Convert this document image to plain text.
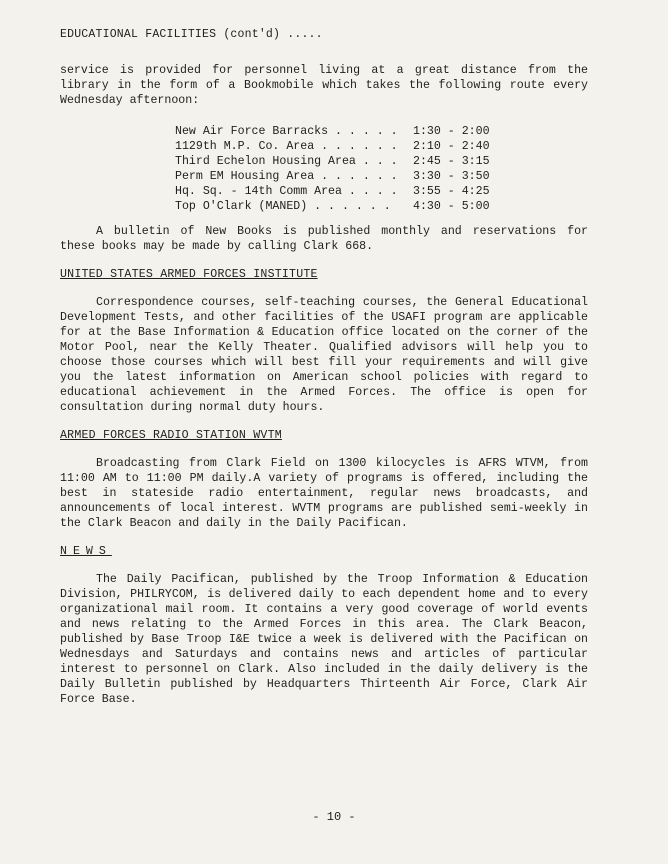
EDUCATIONAL FACILITIES (cont'd) .....

service is provided for personnel living at a great distance from the library in the form of a Bookmobile which takes the following route every Wednesday afternoon:

New Air Force Barracks . . . . .	1:30 - 2:00
1129th M.P. Co. Area . . . . . .	2:10 - 2:40
Third Echelon Housing Area . . .	2:45 - 3:15
Perm EM Housing Area . . . . . .	3:30 - 3:50
Hq. Sq. - 14th Comm Area . . . .	3:55 - 4:25
Top O'Clark (MANED) . . . . . .	4:30 - 5:00

A bulletin of New Books is published monthly and reservations for these books may be made by calling Clark 668.

UNITED STATES ARMED FORCES INSTITUTE

Correspondence courses, self-teaching courses, the General Educational Development Tests, and other facilities of the USAFI program are applicable for at the Base Information & Education office located on the corner of the Motor Pool, near the Kelly Theater. Qualified advisors will help you to choose those courses which will best fill your requirements and will give you the latest information on American school policies with regard to educational achievement in the Armed Forces. The office is open for consultation during normal duty hours.

ARMED FORCES RADIO STATION WVTM

Broadcasting from Clark Field on 1300 kilocycles is AFRS WTVM, from 11:00 AM to 11:00 PM daily.A variety of programs is offered, including the best in stateside radio entertainment, regular news broadcasts, and announcements of local interest. WVTM programs are published semi-weekly in the Clark Beacon and daily in the Daily Pacifican.

NEWS

The Daily Pacifican, published by the Troop Information & Education Division, PHILRYCOM, is delivered daily to each dependent home and to every organizational mail room. It contains a very good coverage of world events and news relating to the Armed Forces in this area. The Clark Beacon, published by Base Troop I&E twice a week is delivered with the Pacifican on Wednesdays and Saturdays and contains news and articles of particular interest to personnel on Clark. Also included in the daily delivery is the Daily Bulletin published by Headquarters Thirteenth Air Force, Clark Air Force Base.

- 10 -
